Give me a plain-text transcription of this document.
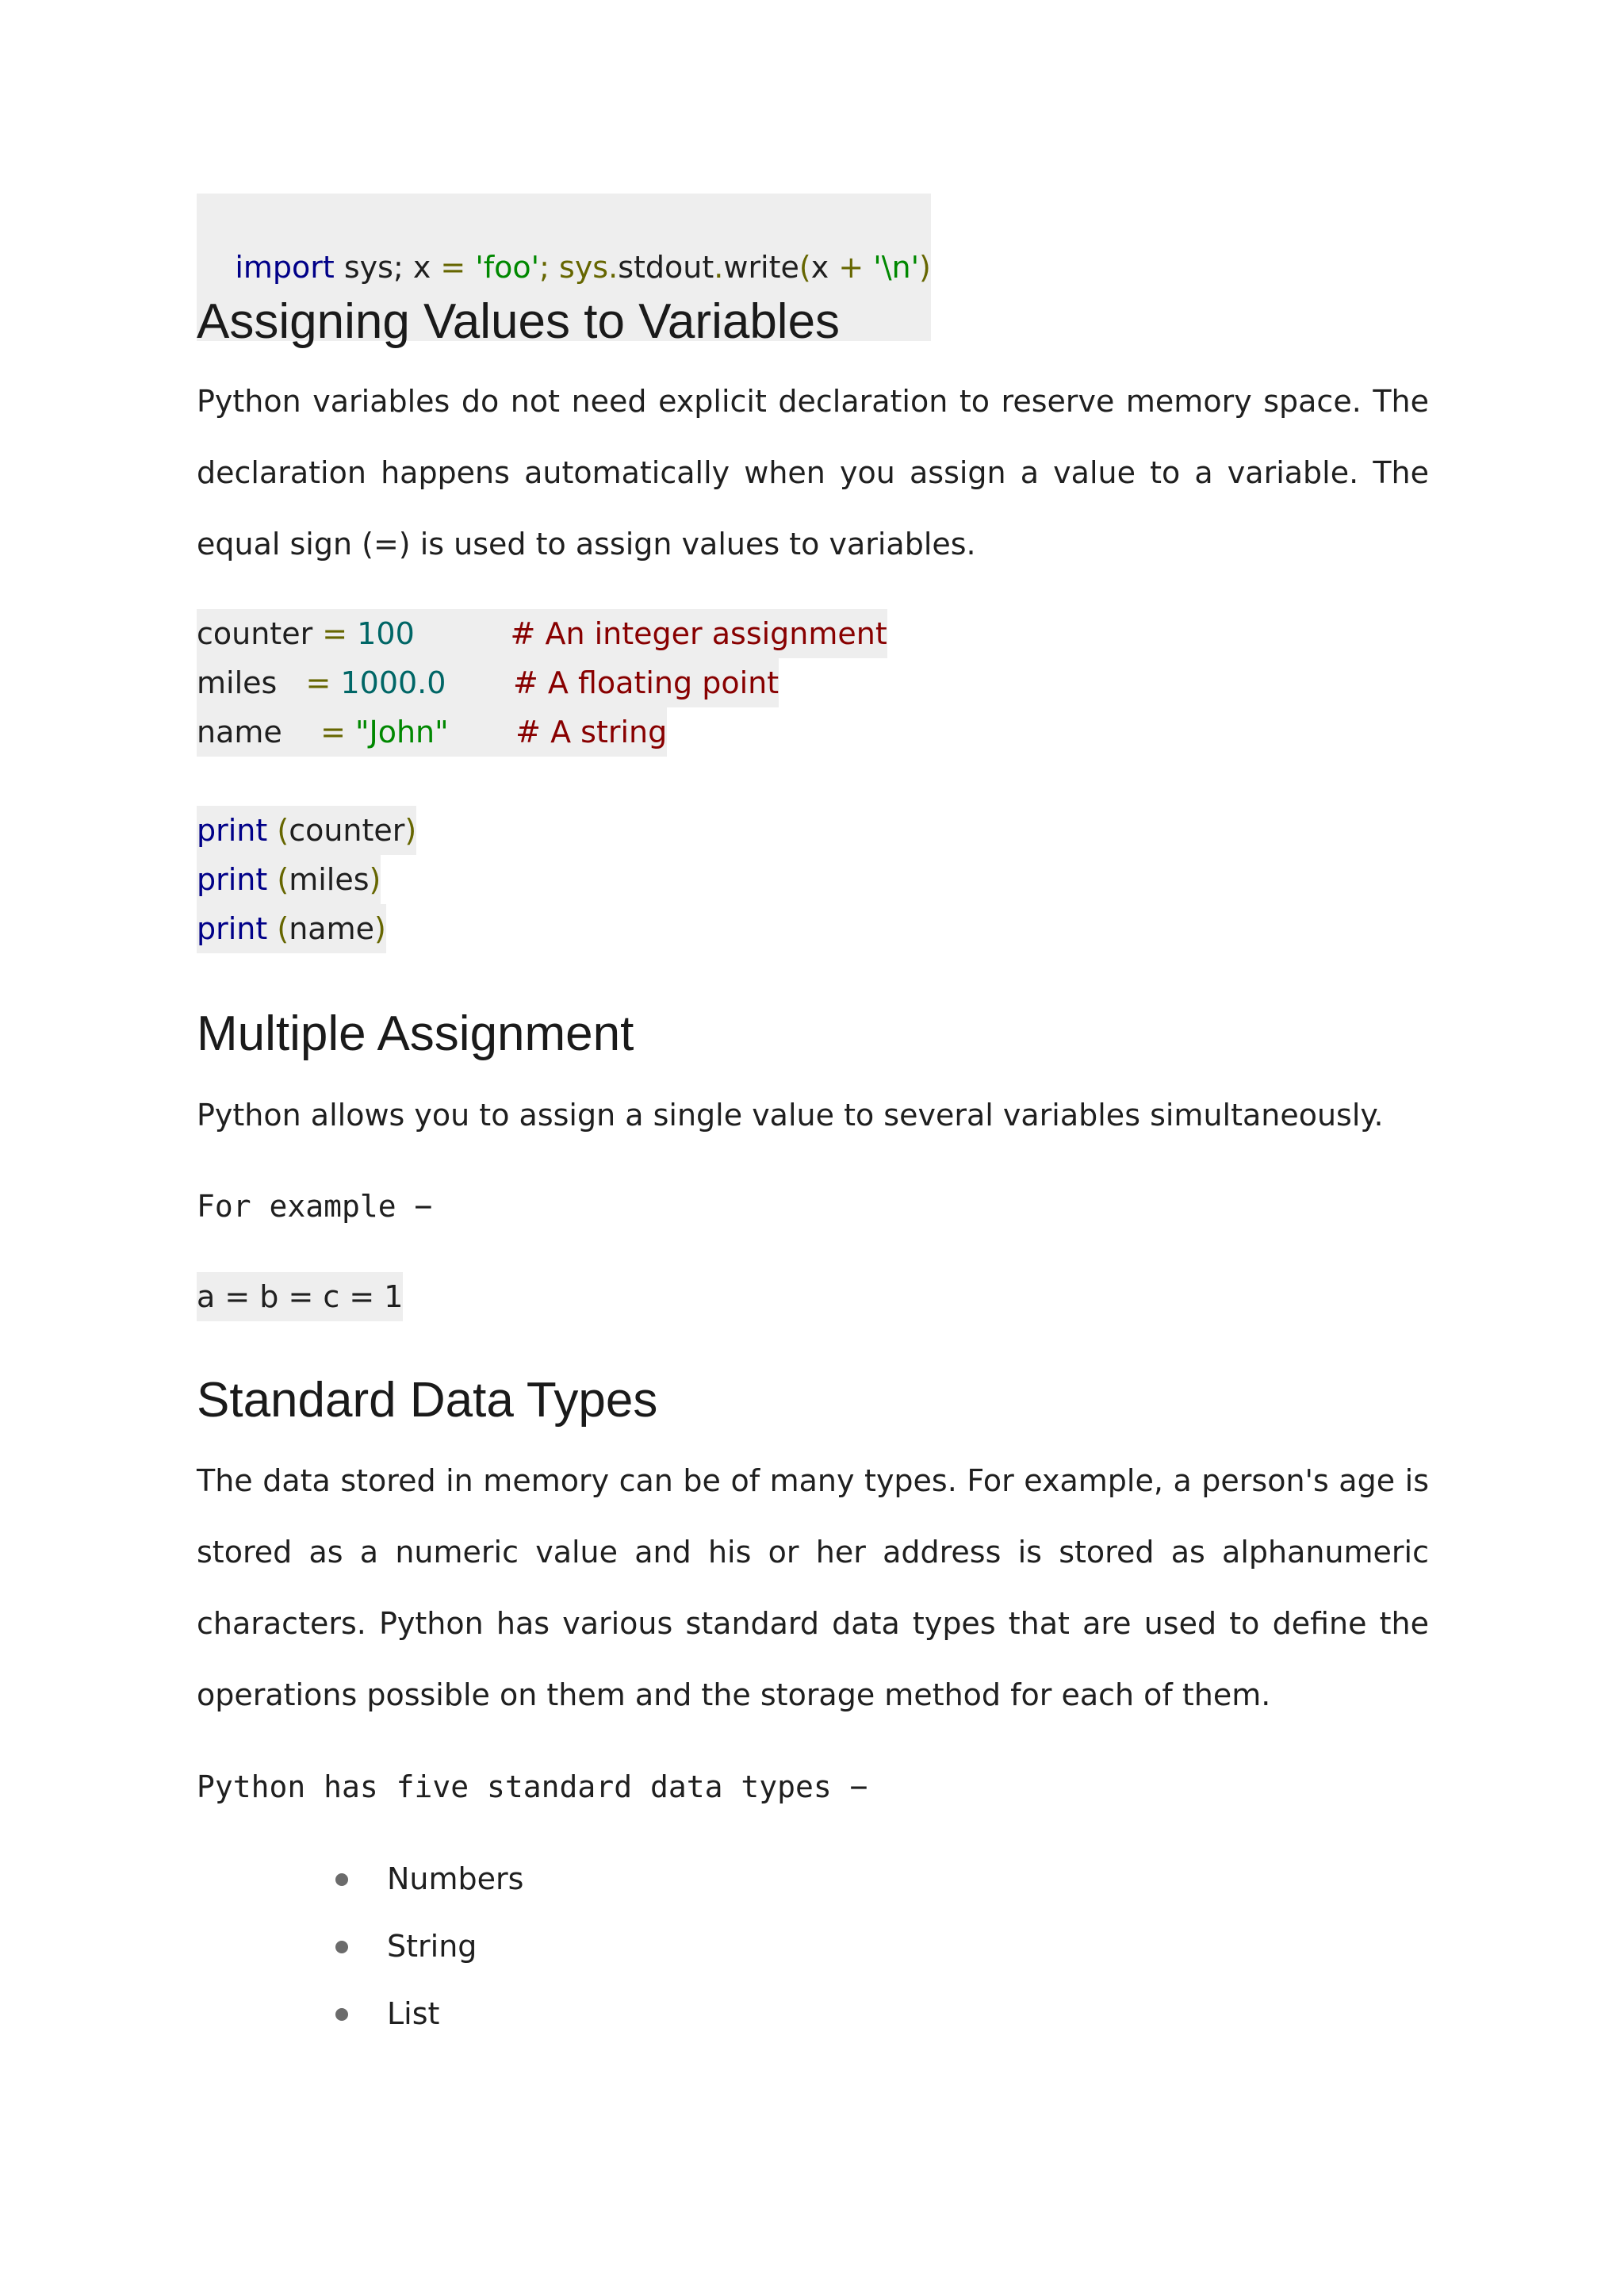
import sys; x = 'foo'; sys.stdout.write(x + '\n')

Assigning Values to Variables

Python variables do not need explicit declaration to reserve memory space. The declaration happens automatically when you assign a value to a variable. The equal sign (=) is used to assign values to variables.

counter = 100	# An integer assignment
miles   = 1000.0 # A floating point
name    = "John" # A string
print (counter)
print (miles)
print (name)
Multiple Assignment

Python allows you to assign a single value to several variables simultaneously.

For example −
a = b = c = 1
Standard Data Types

The data stored in memory can be of many types. For example, a person's age is stored as a numeric value and his or her address is stored as alphanumeric characters. Python has various standard data types that are used to define the operations possible on them and the storage method for each of them.

Python has five standard data types −
Numbers
String
List
